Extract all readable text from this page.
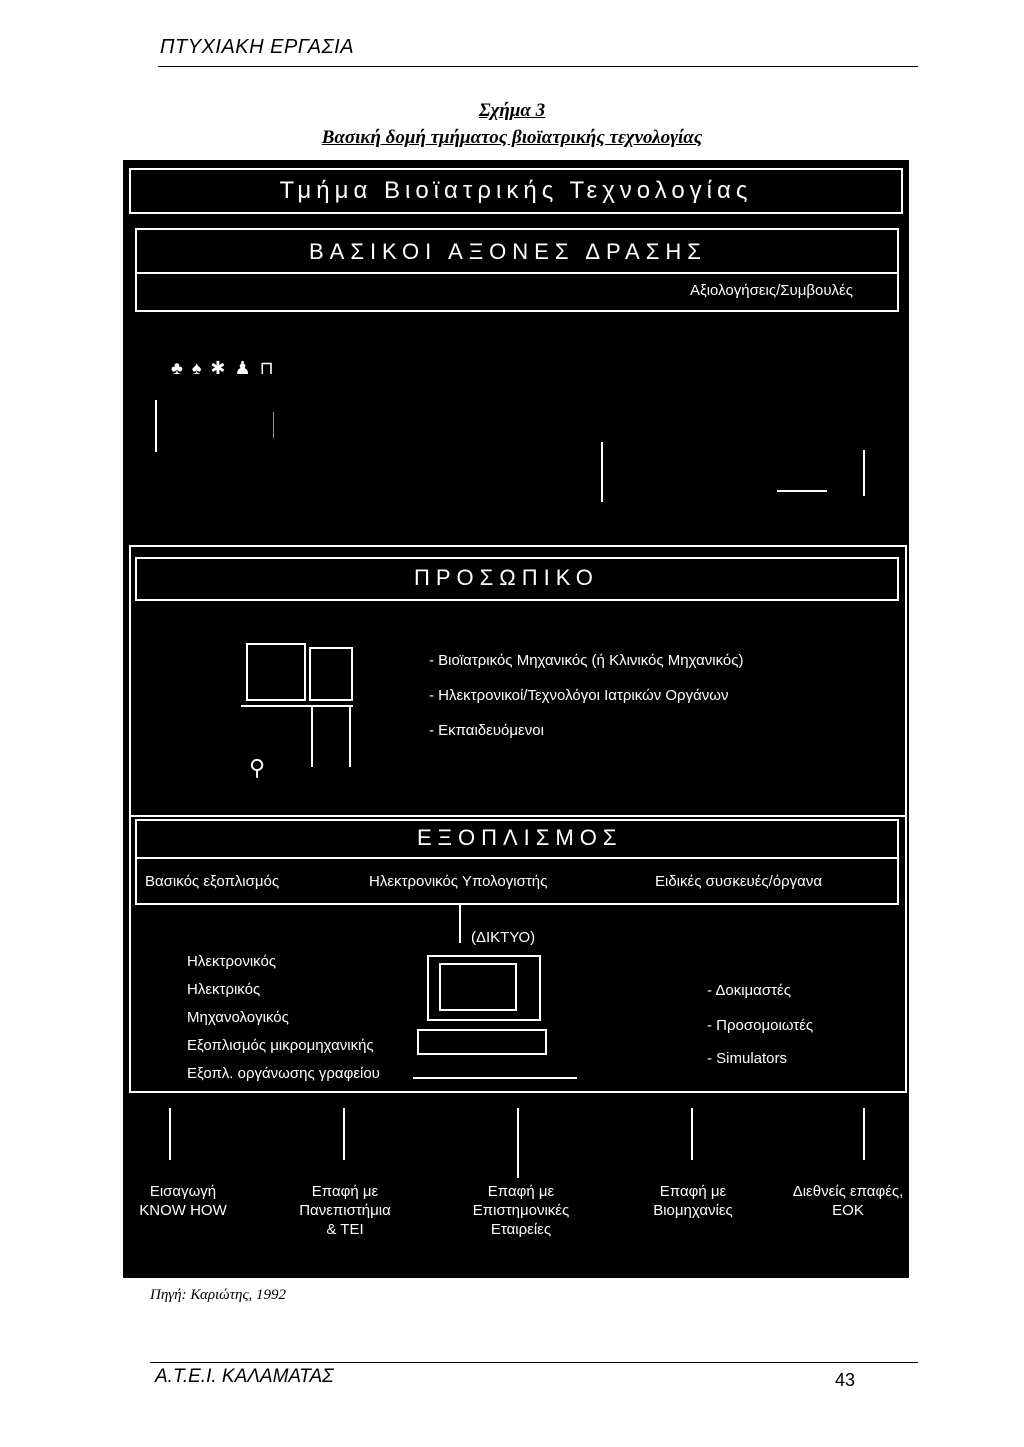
ΠΤΥΧΙΑΚΗ ΕΡΓΑΣΙΑ
Σχήμα 3
Βασική δομή τμήματος βιοϊατρικής τεχνολογίας
Τμήμα Βιοϊατρικής Τεχνολογίας
ΒΑΣΙΚΟΙ ΑΞΟΝΕΣ ΔΡΑΣΗΣ
Αξιολογήσεις/Συμβουλές
♣ ♠ ✱ ♟ ⊓
ΠΡΟΣΩΠΙΚΟ
⚲
- Βιοϊατρικός Μηχανικός (ή Κλινικός Μηχανικός)
- Ηλεκτρονικοί/Τεχνολόγοι Ιατρικών Οργάνων
- Εκπαιδευόμενοι
ΕΞΟΠΛΙΣΜΟΣ
Βασικός εξοπλισμός	Ηλεκτρονικός Υπολογιστής	Ειδικές συσκευές/όργανα
(ΔΙΚΤΥΟ)
Ηλεκτρονικός
Ηλεκτρικός
Μηχανολογικός
Εξοπλισμός μικρομηχανικής
Εξοπλ. οργάνωσης γραφείου
- Δοκιμαστές
- Προσομοιωτές
- Simulators
Εισαγωγή
KNOW HOW
Επαφή με
Πανεπιστήμια
& ΤΕΙ
Επαφή με
Επιστημονικές
Εταιρείες
Επαφή με
Βιομηχανίες
Διεθνείς επαφές,
ΕΟΚ
Πηγή: Καριώτης, 1992
Α.Τ.Ε.Ι. ΚΑΛΑΜΑΤΑΣ	43
